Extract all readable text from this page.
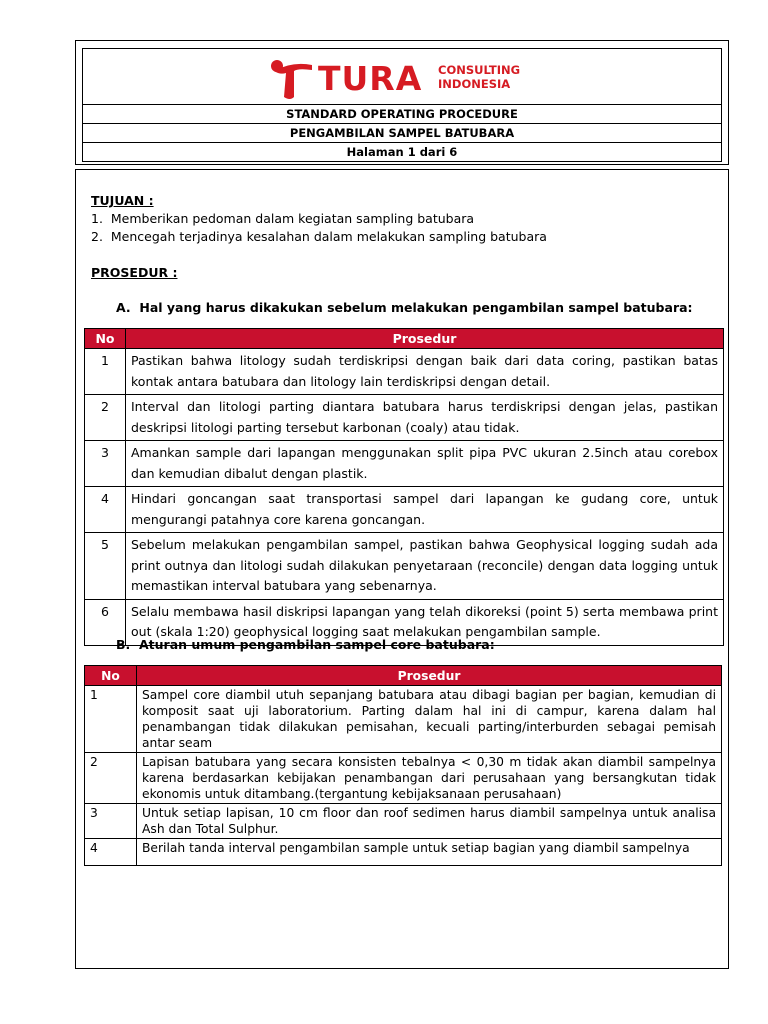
TURA CONSULTING
INDONESIA
STANDARD OPERATING PROCEDURE
PENGAMBILAN SAMPEL BATUBARA
Halaman 1 dari 6
TUJUAN :
1. Memberikan pedoman dalam kegiatan sampling batubara
2. Mencegah terjadinya kesalahan dalam melakukan sampling batubara
PROSEDUR :
A. Hal yang harus dikakukan sebelum melakukan pengambilan sampel batubara:
No	Prosedur
1	Pastikan bahwa litology sudah terdiskripsi dengan baik dari data coring, pastikan batas kontak antara batubara dan litology lain terdiskripsi dengan detail.
2	Interval dan litologi parting diantara batubara harus terdiskripsi dengan jelas, pastikan deskripsi litologi parting tersebut karbonan (coaly) atau tidak.
3	Amankan sample dari lapangan menggunakan split pipa PVC ukuran 2.5inch atau corebox dan kemudian dibalut dengan plastik.
4	Hindari goncangan saat transportasi sampel dari lapangan ke gudang core, untuk mengurangi patahnya core karena goncangan.
5	Sebelum melakukan pengambilan sampel, pastikan bahwa Geophysical logging sudah ada print outnya dan litologi sudah dilakukan penyetaraan (reconcile) dengan data logging untuk memastikan interval batubara yang sebenarnya.
6	Selalu membawa hasil diskripsi lapangan yang telah dikoreksi (point 5) serta membawa print out (skala 1:20) geophysical logging saat melakukan pengambilan sample.
B. Aturan umum pengambilan sampel core batubara:
No	Prosedur
1	Sampel core diambil utuh sepanjang batubara atau dibagi bagian per bagian, kemudian di komposit saat uji laboratorium. Parting dalam hal ini di campur, karena dalam hal penambangan tidak dilakukan pemisahan, kecuali parting/interburden sebagai pemisah antar seam
2	Lapisan batubara yang secara konsisten tebalnya < 0,30 m tidak akan diambil sampelnya karena berdasarkan kebijakan penambangan dari perusahaan yang bersangkutan tidak ekonomis untuk ditambang.(tergantung kebijaksanaan perusahaan)
3	Untuk setiap lapisan, 10 cm floor dan roof sedimen harus diambil sampelnya untuk analisa Ash dan Total Sulphur.
4	Berilah tanda interval pengambilan sample untuk setiap bagian yang diambil sampelnya
